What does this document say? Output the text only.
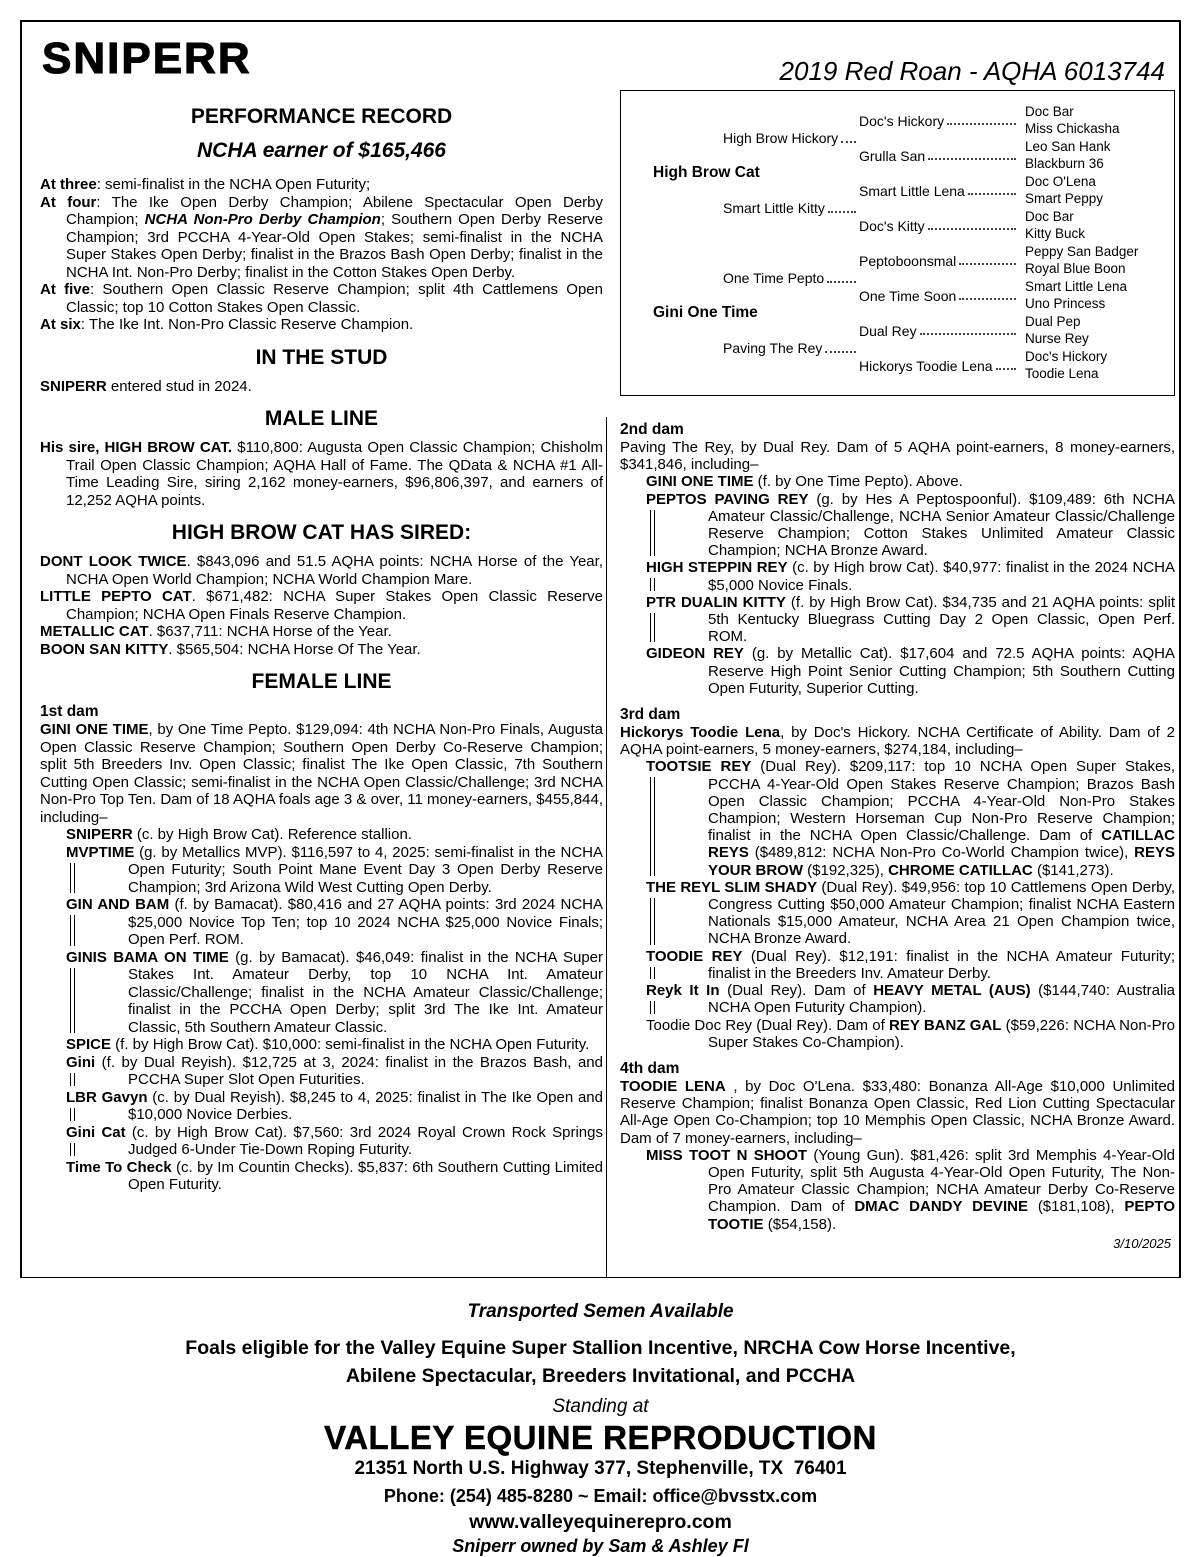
SNIPERR	2019 Red Roan - AQHA 6013744
PERFORMANCE RECORD
NCHA earner of $165,466
At three: semi-finalist in the NCHA Open Futurity;
At four: The Ike Open Derby Champion; Abilene Spectacular Open Derby Champion; NCHA Non-Pro Derby Champion; Southern Open Derby Reserve Champion; 3rd PCCHA 4-Year-Old Open Stakes; semi-finalist in the NCHA Super Stakes Open Derby; finalist in the Brazos Bash Open Derby; finalist in the NCHA Int. Non-Pro Derby; finalist in the Cotton Stakes Open Derby.
At five: Southern Open Classic Reserve Champion; split 4th Cattlemens Open Classic; top 10 Cotton Stakes Open Classic.
At six: The Ike Int. Non-Pro Classic Reserve Champion.
IN THE STUD
SNIPERR entered stud in 2024.
MALE LINE
His sire, HIGH BROW CAT. $110,800: Augusta Open Classic Champion; Chisholm Trail Open Classic Champion; AQHA Hall of Fame. The QData & NCHA #1 All-Time Leading Sire, siring 2,162 money-earners, $96,806,397, and earners of 12,252 AQHA points.
HIGH BROW CAT HAS SIRED:
DONT LOOK TWICE. $843,096 and 51.5 AQHA points: NCHA Horse of the Year, NCHA Open World Champion; NCHA World Champion Mare.
LITTLE PEPTO CAT. $671,482: NCHA Super Stakes Open Classic Reserve Champion; NCHA Open Finals Reserve Champion.
METALLIC CAT. $637,711: NCHA Horse of the Year.
BOON SAN KITTY. $565,504: NCHA Horse Of The Year.
FEMALE LINE
1st dam
GINI ONE TIME, by One Time Pepto. $129,094: 4th NCHA Non-Pro Finals, Augusta Open Classic Reserve Champion; Southern Open Derby Co-Reserve Champion; split 5th Breeders Inv. Open Classic; finalist The Ike Open Classic, 7th Southern Cutting Open Classic; semi-finalist in the NCHA Open Classic/Challenge; 3rd NCHA Non-Pro Top Ten. Dam of 18 AQHA foals age 3 & over, 11 money-earners, $455,844, including–
SNIPERR (c. by High Brow Cat). Reference stallion.
MVPTIME (g. by Metallics MVP). $116,597 to 4, 2025: semi-finalist in the NCHA Open Futurity; South Point Mane Event Day 3 Open Derby Reserve Champion; 3rd Arizona Wild West Cutting Open Derby.
GIN AND BAM (f. by Bamacat). $80,416 and 27 AQHA points: 3rd 2024 NCHA $25,000 Novice Top Ten; top 10 2024 NCHA $25,000 Novice Finals; Open Perf. ROM.
GINIS BAMA ON TIME (g. by Bamacat). $46,049: finalist in the NCHA Super Stakes Int. Amateur Derby, top 10 NCHA Int. Amateur Classic/Challenge; finalist in the NCHA Amateur Classic/Challenge; finalist in the PCCHA Open Derby; split 3rd The Ike Int. Amateur Classic, 5th Southern Amateur Classic.
SPICE (f. by High Brow Cat). $10,000: semi-finalist in the NCHA Open Futurity.
Gini (f. by Dual Reyish). $12,725 at 3, 2024: finalist in the Brazos Bash, and PCCHA Super Slot Open Futurities.
LBR Gavyn (c. by Dual Reyish). $8,245 to 4, 2025: finalist in The Ike Open and $10,000 Novice Derbies.
Gini Cat (c. by High Brow Cat). $7,560: 3rd 2024 Royal Crown Rock Springs Judged 6-Under Tie-Down Roping Futurity.
Time To Check (c. by Im Countin Checks). $5,837: 6th Southern Cutting Limited Open Futurity.
High Brow Cat
Gini One Time
High Brow Hickory
Smart Little Kitty
One Time Pepto
Paving The Rey
Doc's Hickory
Grulla San
Smart Little Lena
Doc's Kitty
Peptoboonsmal
One Time Soon
Dual Rey
Hickorys Toodie Lena
Doc Bar
Miss Chickasha
Leo San Hank
Blackburn 36
Doc O'Lena
Smart Peppy
Doc Bar
Kitty Buck
Peppy San Badger
Royal Blue Boon
Smart Little Lena
Uno Princess
Dual Pep
Nurse Rey
Doc's Hickory
Toodie Lena
2nd dam
Paving The Rey, by Dual Rey. Dam of 5 AQHA point-earners, 8 money-earners, $341,846, including–
GINI ONE TIME (f. by One Time Pepto). Above.
PEPTOS PAVING REY (g. by Hes A Peptospoonful). $109,489: 6th NCHA Amateur Classic/Challenge, NCHA Senior Amateur Classic/Challenge Reserve Champion; Cotton Stakes Unlimited Amateur Classic Champion; NCHA Bronze Award.
HIGH STEPPIN REY (c. by High brow Cat). $40,977: finalist in the 2024 NCHA $5,000 Novice Finals.
PTR DUALIN KITTY (f. by High Brow Cat). $34,735 and 21 AQHA points: split 5th Kentucky Bluegrass Cutting Day 2 Open Classic, Open Perf. ROM.
GIDEON REY (g. by Metallic Cat). $17,604 and 72.5 AQHA points: AQHA Reserve High Point Senior Cutting Champion; 5th Southern Cutting Open Futurity, Superior Cutting.
3rd dam
Hickorys Toodie Lena, by Doc's Hickory. NCHA Certificate of Ability. Dam of 2 AQHA point-earners, 5 money-earners, $274,184, including–
TOOTSIE REY (Dual Rey). $209,117: top 10 NCHA Open Super Stakes, PCCHA 4-Year-Old Open Stakes Reserve Champion; Brazos Bash Open Classic Champion; PCCHA 4-Year-Old Non-Pro Stakes Champion; Western Horseman Cup Non-Pro Reserve Champion; finalist in the NCHA Open Classic/Challenge. Dam of CATILLAC REYS ($489,812: NCHA Non-Pro Co-World Champion twice), REYS YOUR BROW ($192,325), CHROME CATILLAC ($141,273).
THE REYL SLIM SHADY (Dual Rey). $49,956: top 10 Cattlemens Open Derby, Congress Cutting $50,000 Amateur Champion; finalist NCHA Eastern Nationals $15,000 Amateur, NCHA Area 21 Open Champion twice, NCHA Bronze Award.
TOODIE REY (Dual Rey). $12,191: finalist in the NCHA Amateur Futurity; finalist in the Breeders Inv. Amateur Derby.
Reyk It In (Dual Rey). Dam of HEAVY METAL (AUS) ($144,740: Australia NCHA Open Futurity Champion).
Toodie Doc Rey (Dual Rey). Dam of REY BANZ GAL ($59,226: NCHA Non-Pro Super Stakes Co-Champion).
4th dam
TOODIE LENA , by Doc O'Lena. $33,480: Bonanza All-Age $10,000 Unlimited Reserve Champion; finalist Bonanza Open Classic, Red Lion Cutting Spectacular All-Age Open Co-Champion; top 10 Memphis Open Classic, NCHA Bronze Award. Dam of 7 money-earners, including–
MISS TOOT N SHOOT (Young Gun). $81,426: split 3rd Memphis 4-Year-Old Open Futurity, split 5th Augusta 4-Year-Old Open Futurity, The Non-Pro Amateur Classic Champion; NCHA Amateur Derby Co-Reserve Champion. Dam of DMAC DANDY DEVINE ($181,108), PEPTO TOOTIE ($54,158).
3/10/2025
Transported Semen Available
Foals eligible for the Valley Equine Super Stallion Incentive, NRCHA Cow Horse Incentive,
Abilene Spectacular, Breeders Invitational, and PCCHA
Standing at
VALLEY EQUINE REPRODUCTION
21351 North U.S. Highway 377, Stephenville, TX  76401
Phone: (254) 485-8280 ~ Email: office@bvsstx.com
www.valleyequinerepro.com
Sniperr owned by Sam & Ashley Fl
